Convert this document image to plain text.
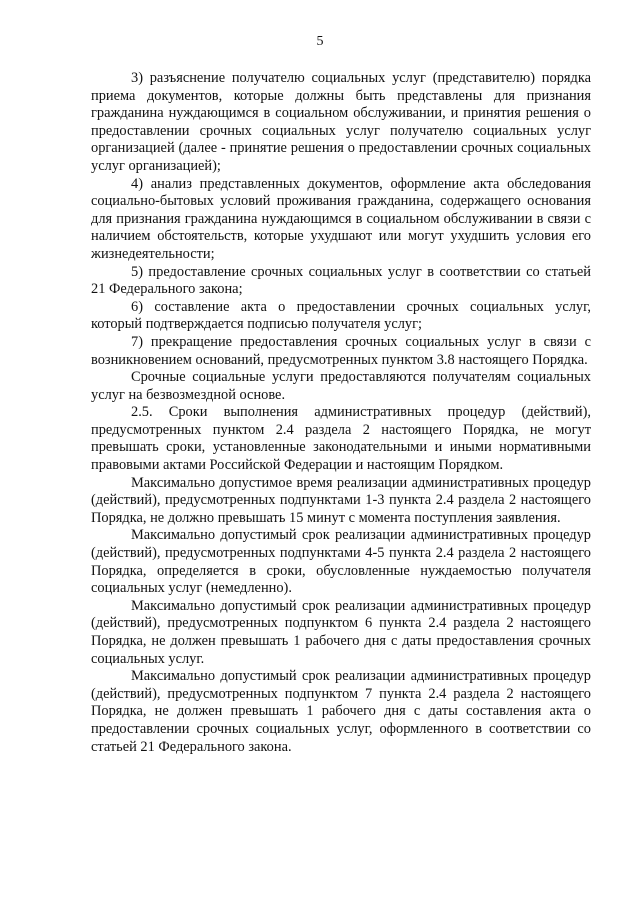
5

3) разъяснение получателю социальных услуг (представителю) порядка приема документов, которые должны быть представлены для признания гражданина нуждающимся в социальном обслуживании, и принятия решения о предоставлении срочных социальных услуг получателю социальных услуг организацией (далее - принятие решения о предоставлении срочных социальных услуг организацией);

4) анализ представленных документов, оформление акта обследования социально-бытовых условий проживания гражданина, содержащего основания для признания гражданина нуждающимся в социальном обслуживании в связи с наличием обстоятельств, которые ухудшают или могут ухудшить условия его жизнедеятельности;

5) предоставление срочных социальных услуг в соответствии со статьей 21 Федерального закона;

6) составление акта о предоставлении срочных социальных услуг, который подтверждается подписью получателя услуг;

7) прекращение предоставления срочных социальных услуг в связи с возникновением оснований, предусмотренных пунктом 3.8 настоящего Порядка.

Срочные социальные услуги предоставляются получателям социальных услуг на безвозмездной основе.

2.5. Сроки выполнения административных процедур (действий), предусмотренных пунктом 2.4 раздела 2 настоящего Порядка, не могут превышать сроки, установленные законодательными и иными нормативными правовыми актами Российской Федерации и настоящим Порядком.

Максимально допустимое время реализации административных процедур (действий), предусмотренных подпунктами 1-3 пункта 2.4 раздела 2 настоящего Порядка, не должно превышать 15 минут с момента поступления заявления.

Максимально допустимый срок реализации административных процедур (действий), предусмотренных подпунктами 4-5 пункта 2.4 раздела 2 настоящего Порядка, определяется в сроки, обусловленные нуждаемостью получателя социальных услуг (немедленно).

Максимально допустимый срок реализации административных процедур (действий), предусмотренных подпунктом 6 пункта 2.4 раздела 2 настоящего Порядка, не должен превышать 1 рабочего дня с даты предоставления срочных социальных услуг.

Максимально допустимый срок реализации административных процедур (действий), предусмотренных подпунктом 7 пункта 2.4 раздела 2 настоящего Порядка, не должен превышать 1 рабочего дня с даты составления акта о предоставлении срочных социальных услуг, оформленного в соответствии со статьей 21 Федерального закона.
